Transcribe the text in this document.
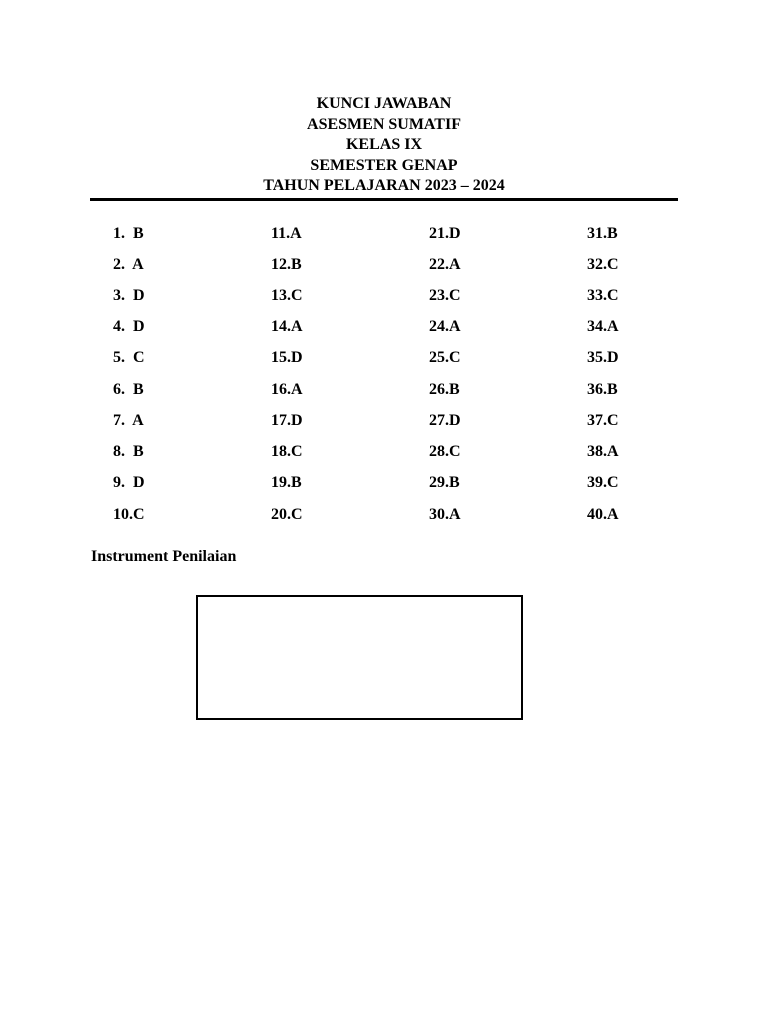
KUNCI JAWABAN
ASESMEN SUMATIF
KELAS IX
SEMESTER GENAP
TAHUN PELAJARAN 2023 – 2024
1.  B
2.  A
3.  D
4.  D
5.  C
6.  B
7.  A
8.  B
9.  D
10.C
11.A
12.B
13.C
14.A
15.D
16.A
17.D
18.C
19.B
20.C
21.D
22.A
23.C
24.A
25.C
26.B
27.D
28.C
29.B
30.A
31.B
32.C
33.C
34.A
35.D
36.B
37.C
38.A
39.C
40.A
Instrument Penilaian
